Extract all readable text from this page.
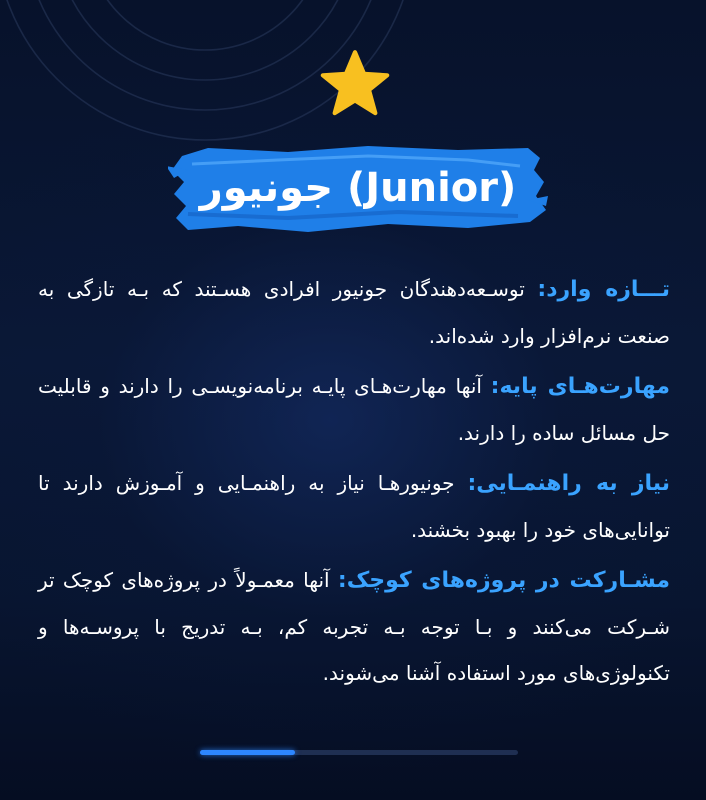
جونیور (Junior)

تـــازه وارد: توسـعه‌دهندگان جونیور افرادی هسـتند که بـه تازگی به صنعت نرم‌افزار وارد شده‌اند.

مهارت‌هـای پایه: آنها مهارت‌هـای پایـه برنامه‌نویسـی را دارند و قابلیت حل مسائل ساده را دارند.

نیاز به راهنمـایی: جونیورهـا نیاز به راهنمـایی و آمـوزش دارند تا توانایی‌های خود را بهبود بخشند.

مشـارکت در پروژه‌های کوچک: آنها معمـولاً در پروژه‌های کوچک تر شـرکت می‌کنند و بـا توجه بـه تجربه کم، بـه تدریج با پروسـه‌ها و تکنولوژی‌های مورد استفاده آشنا می‌شوند.
